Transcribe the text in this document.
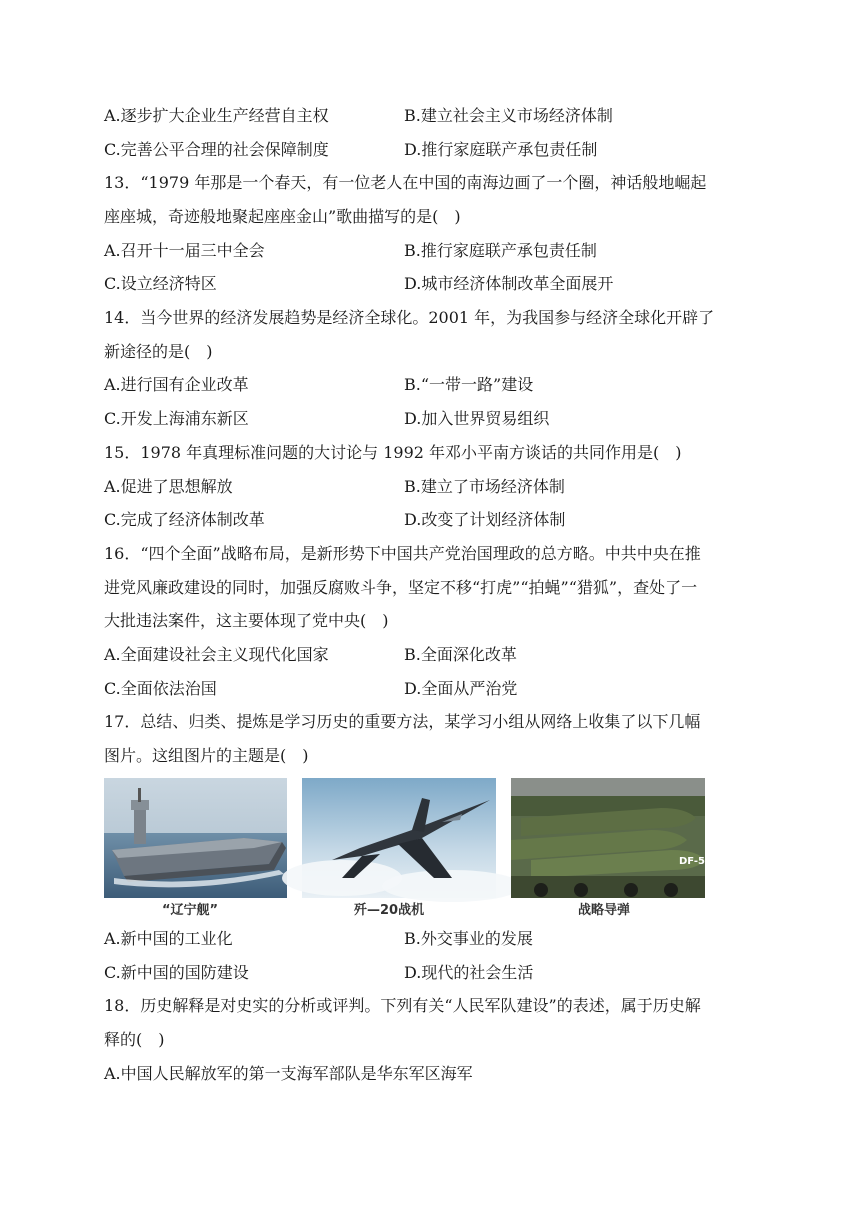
A.逐步扩大企业生产经营自主权	B.建立社会主义市场经济体制
C.完善公平合理的社会保障制度	D.推行家庭联产承包责任制
13．“1979 年那是一个春天，有一位老人在中国的南海边画了一个圈，神话般地崛起
座座城，奇迹般地聚起座座金山”歌曲描写的是(　)
A.召开十一届三中全会	B.推行家庭联产承包责任制
C.设立经济特区	D.城市经济体制改革全面展开
14．当今世界的经济发展趋势是经济全球化。2001 年，为我国参与经济全球化开辟了
新途径的是(　)
A.进行国有企业改革	B.“一带一路”建设
C.开发上海浦东新区	D.加入世界贸易组织
15．1978 年真理标准问题的大讨论与 1992 年邓小平南方谈话的共同作用是(　)
A.促进了思想解放	B.建立了市场经济体制
C.完成了经济体制改革	D.改变了计划经济体制
16．“四个全面”战略布局，是新形势下中国共产党治国理政的总方略。中共中央在推
进党风廉政建设的同时，加强反腐败斗争，坚定不移“打虎”“拍蝇”“猎狐”，查处了一
大批违法案件，这主要体现了党中央(　)
A.全面建设社会主义现代化国家	B.全面深化改革
C.全面依法治国	D.全面从严治党
17．总结、归类、提炼是学习历史的重要方法，某学习小组从网络上收集了以下几幅
图片。这组图片的主题是(　)
“辽宁舰”	歼—20战机
DF-5B
战略导弹
A.新中国的工业化	B.外交事业的发展
C.新中国的国防建设	D.现代的社会生活
18．历史解释是对史实的分析或评判。下列有关“人民军队建设”的表述，属于历史解
释的(　)
A.中国人民解放军的第一支海军部队是华东军区海军
